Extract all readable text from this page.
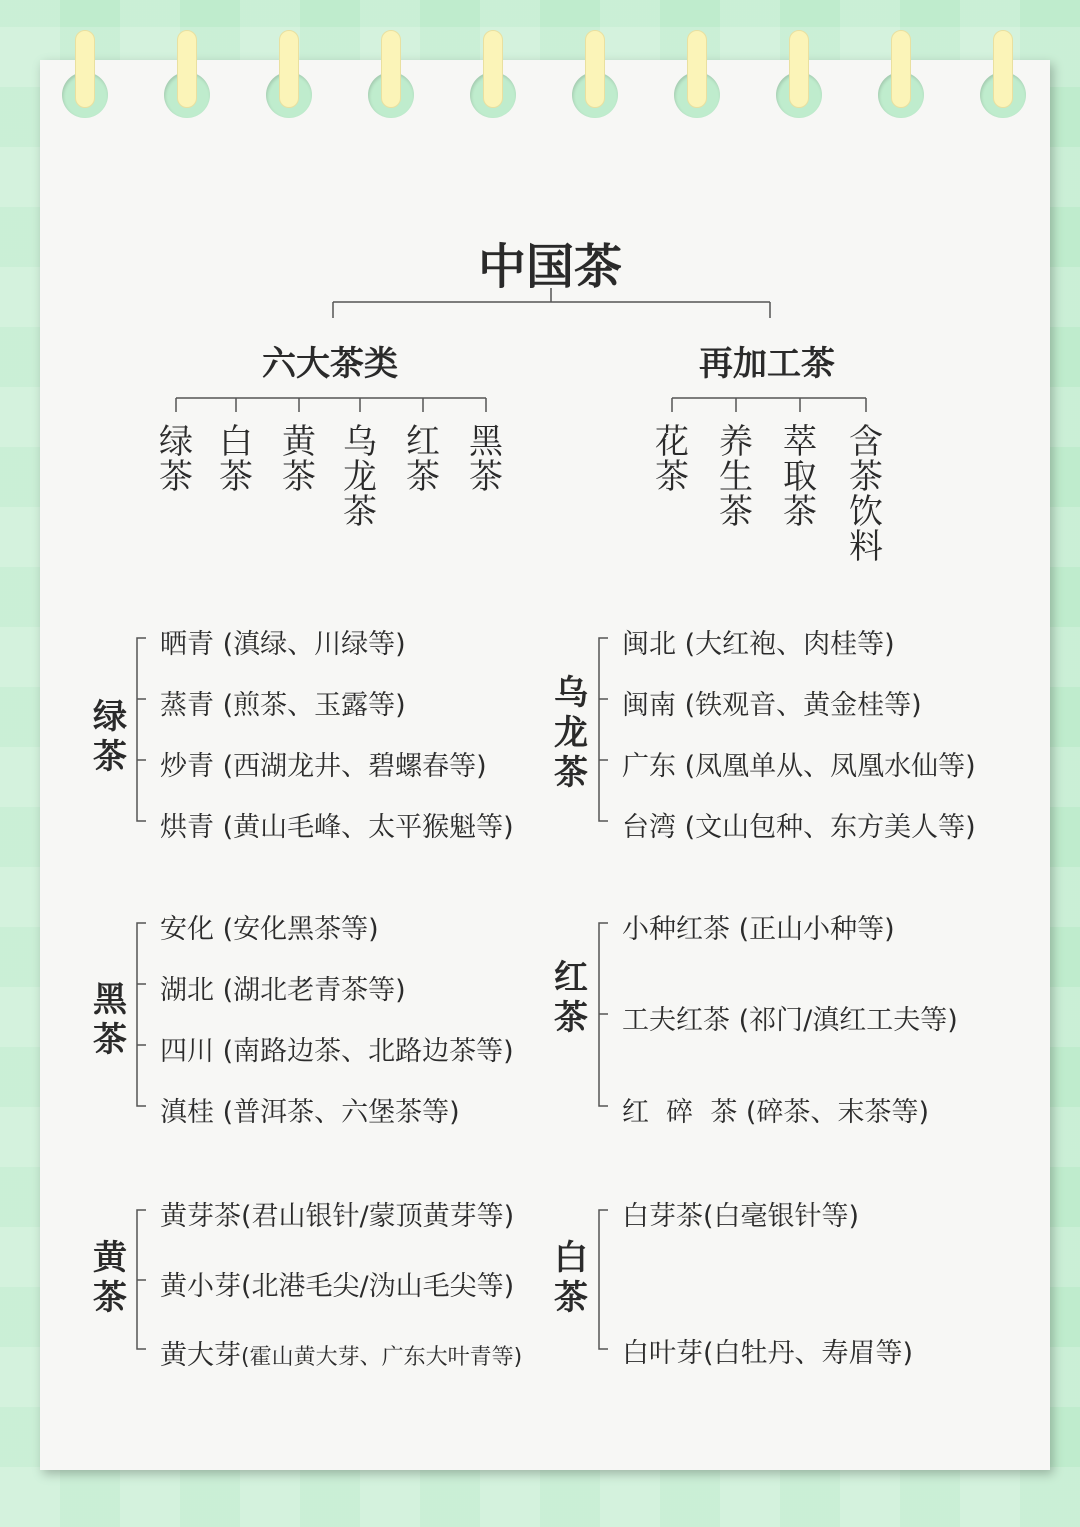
中国茶
六大茶类	再加工茶
绿茶
白茶
黄茶
乌龙茶
红茶
黑茶
花茶
养生茶
萃取茶
含茶饮料
绿茶
晒青 (滇绿、川绿等)
蒸青 (煎茶、玉露等)
炒青 (西湖龙井、碧螺春等)
烘青 (黄山毛峰、太平猴魁等)
乌龙茶
闽北 (大红袍、肉桂等)
闽南 (铁观音、黄金桂等)
广东 (凤凰单从、凤凰水仙等)
台湾 (文山包种、东方美人等)
黑茶
安化 (安化黑茶等)
湖北 (湖北老青茶等)
四川 (南路边茶、北路边茶等)
滇桂 (普洱茶、六堡茶等)
红茶
小种红茶 (正山小种等)
工夫红茶 (祁门/滇红工夫等)
红  碎  茶 (碎茶、末茶等)
黄茶
黄芽茶(君山银针/蒙顶黄芽等)
黄小芽(北港毛尖/沩山毛尖等)
黄大芽(霍山黄大芽、广东大叶青等)
白茶
白芽茶(白毫银针等)
白叶芽(白牡丹、寿眉等)
